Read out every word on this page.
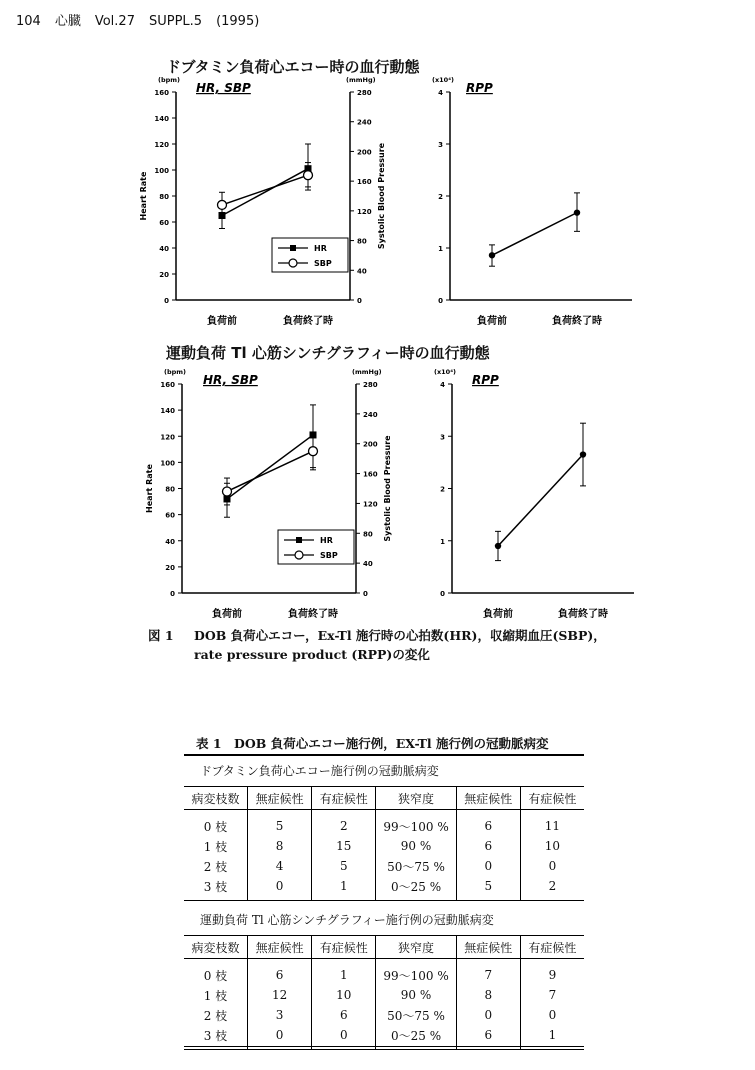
104 心臓 Vol.27 SUPPL.5 (1995)
ドブタミン負荷心エコー時の血行動態
運動負荷 Tl 心筋シンチグラフィー時の血行動態
0
20
40
60
80
100
120
140
160
(bpm)
Heart Rate
0
40
80
120
160
200
240
280
(mmHg)
Systolic Blood Pressure
HR, SBP
負荷前	負荷終了時
HR
SBP
0
1
2
3
4
(x10⁴)
RPP
負荷前	負荷終了時
0
20
40
60
80
100
120
140
160
(bpm)
Heart Rate
0
40
80
120
160
200
240
280
(mmHg)
Systolic Blood Pressure
HR, SBP
負荷前	負荷終了時
HR
SBP
0
1
2
3
4
(x10⁴)
RPP
負荷前	負荷終了時
図 1 DOB 負荷心エコー，Ex-Tl 施行時の心拍数(HR)，収縮期血圧(SBP)，
rate pressure product (RPP)の変化
表 1　DOB 負荷心エコー施行例，EX-Tl 施行例の冠動脈病変
ドブタミン負荷心エコー施行例の冠動脈病変
運動負荷 Tl 心筋シンチグラフィー施行例の冠動脈病変
病変枝数	無症候性	有症候性	狭窄度	無症候性	有症候性
0 枝	5	2	99〜100 %	6	11
1 枝	8	15	90 %	6	10
2 枝	4	5	50〜75 %	0	0
3 枝	0	1	0〜25 %	5	2
病変枝数	無症候性	有症候性	狭窄度	無症候性	有症候性
0 枝	6	1	99〜100 %	7	9
1 枝	12	10	90 %	8	7
2 枝	3	6	50〜75 %	0	0
3 枝	0	0	0〜25 %	6	1
